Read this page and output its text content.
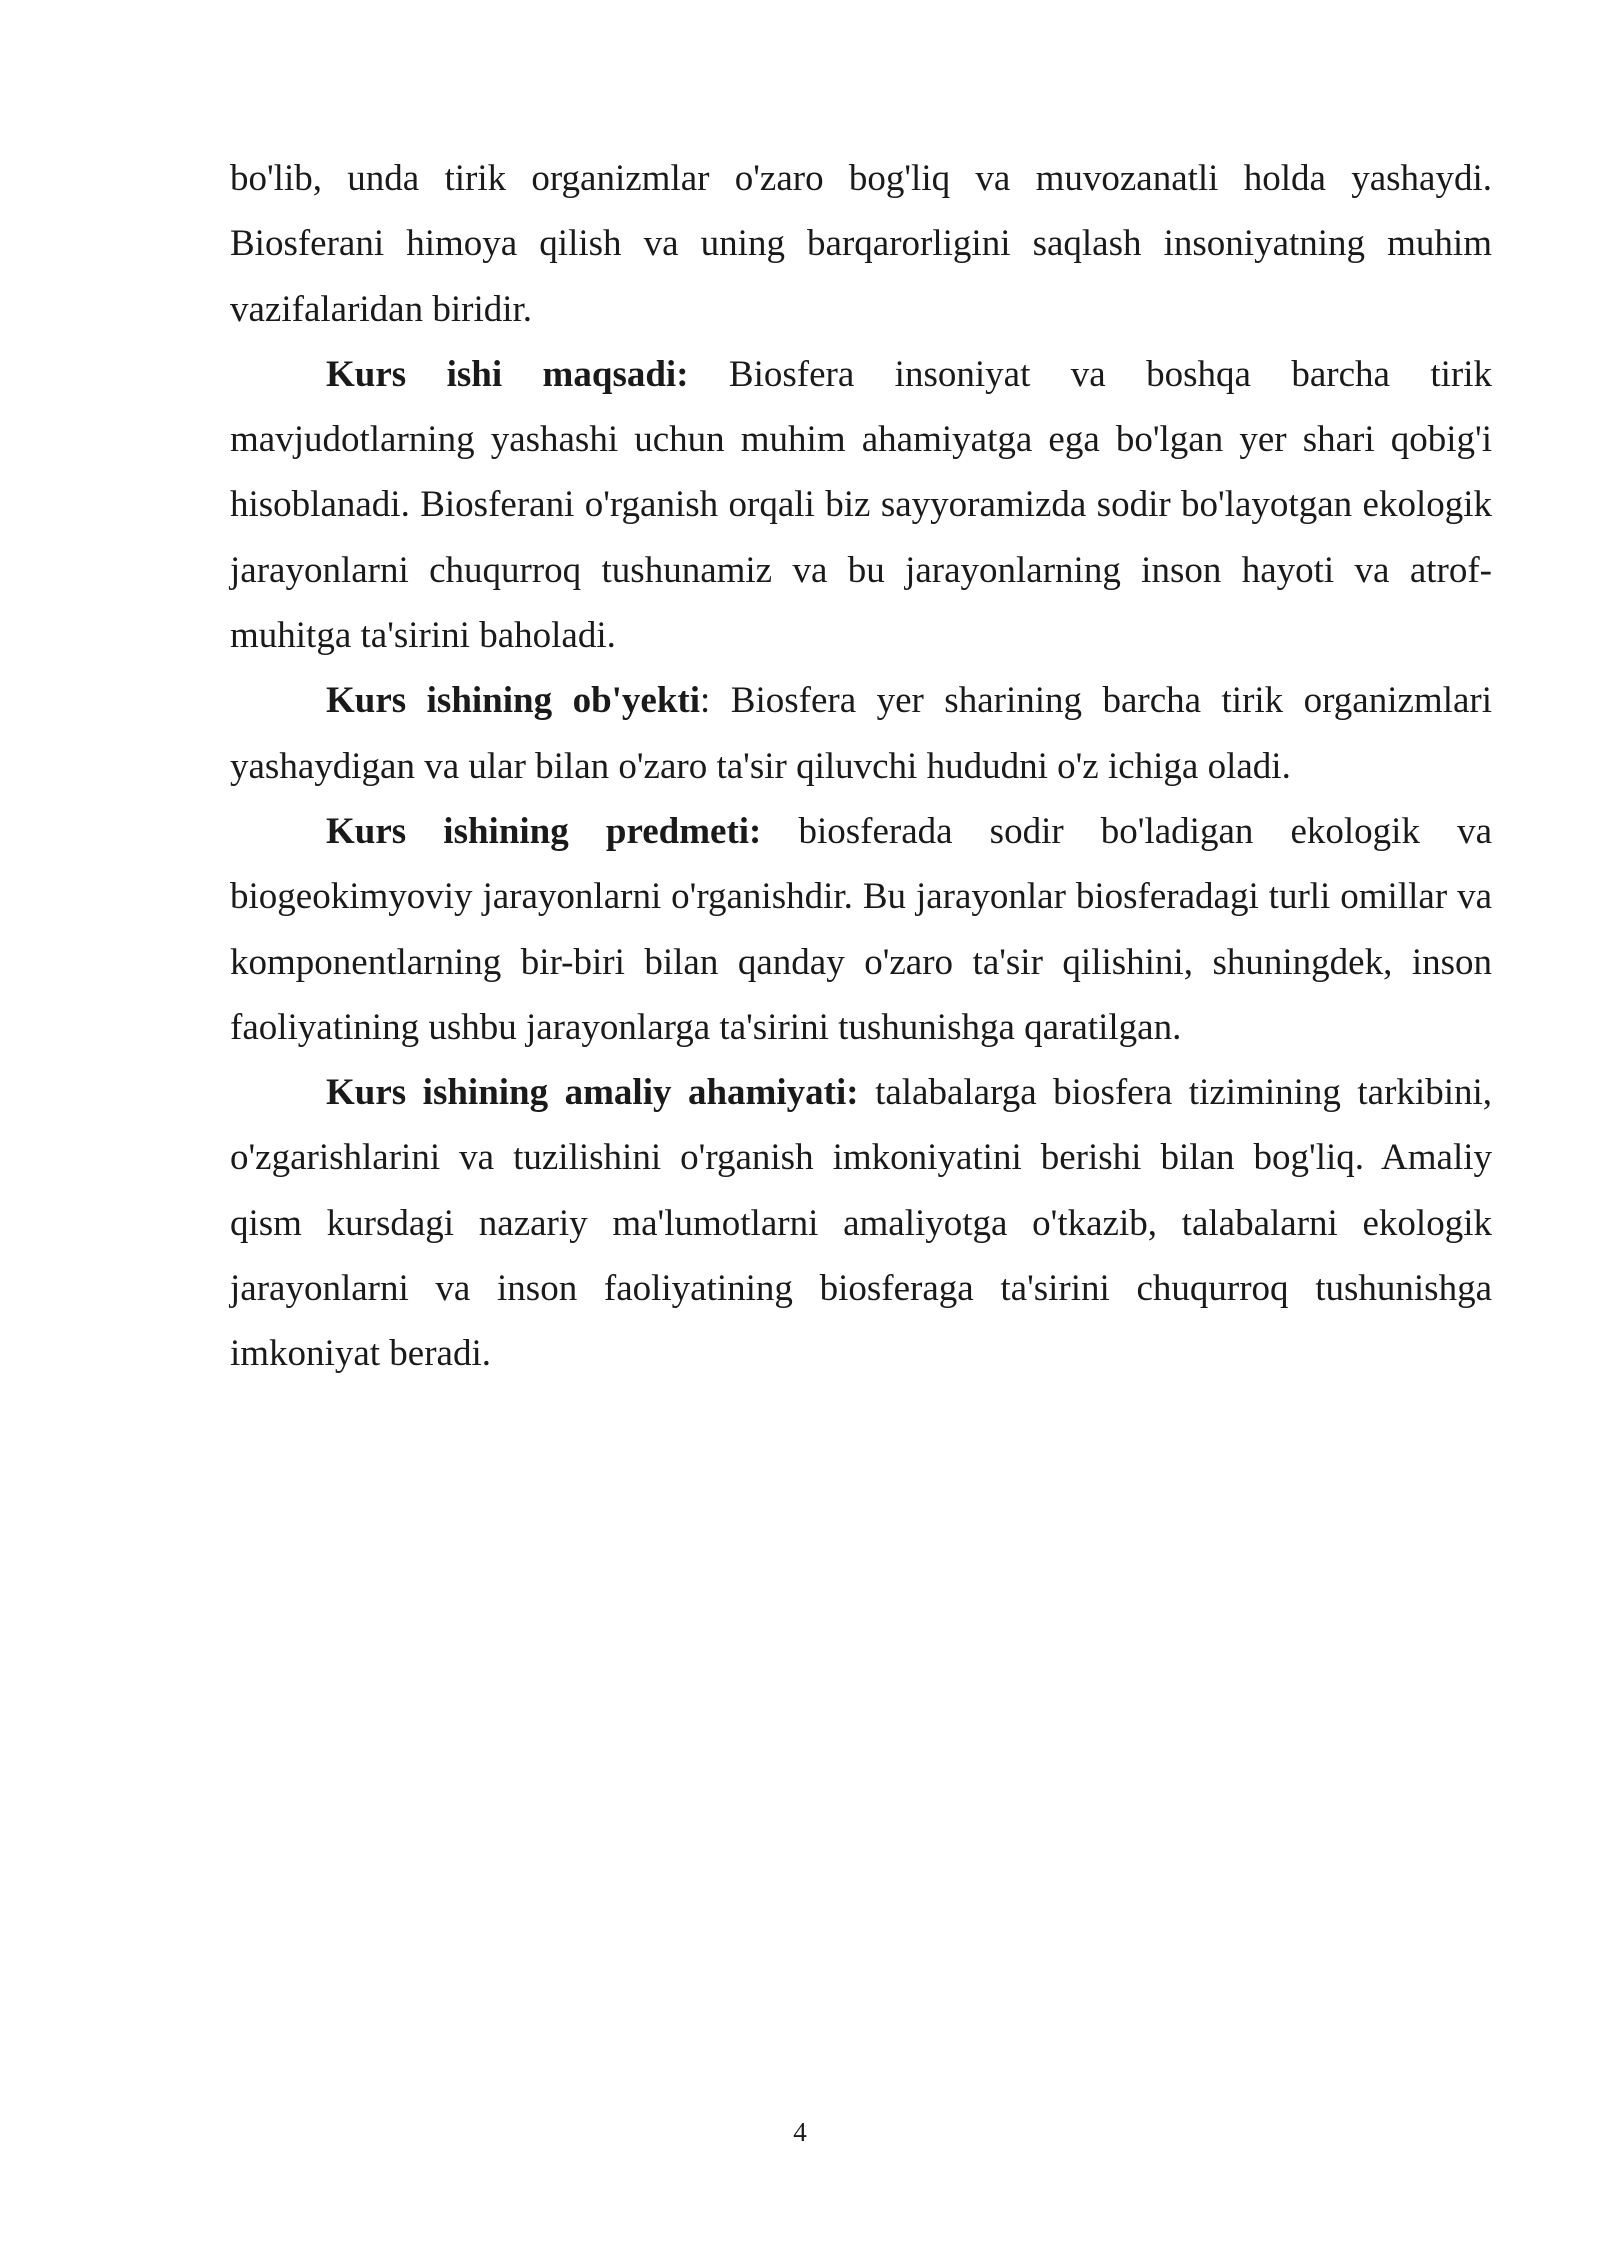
bo'lib, unda tirik organizmlar o'zaro bog'liq va muvozanatli holda yashaydi. Biosferani himoya qilish va uning barqarorligini saqlash insoniyatning muhim vazifalaridan biridir.

Kurs ishi maqsadi: Biosfera insoniyat va boshqa barcha tirik mavjudotlarning yashashi uchun muhim ahamiyatga ega bo'lgan yer shari qobig'i hisoblanadi. Biosferani o'rganish orqali biz sayyoramizda sodir bo'layotgan ekologik jarayonlarni chuqurroq tushunamiz va bu jarayonlarning inson hayoti va atrof-muhitga ta'sirini baholadi.

Kurs ishining ob'yekti: Biosfera yer sharining barcha tirik organizmlari yashaydigan va ular bilan o'zaro ta'sir qiluvchi hududni o'z ichiga oladi.

Kurs ishining predmeti: biosferada sodir bo'ladigan ekologik va biogeokimyoviy jarayonlarni o'rganishdir. Bu jarayonlar biosferadagi turli omillar va komponentlarning bir-biri bilan qanday o'zaro ta'sir qilishini, shuningdek, inson faoliyatining ushbu jarayonlarga ta'sirini tushunishga qaratilgan.

Kurs ishining amaliy ahamiyati: talabalarga biosfera tizimining tarkibini, o'zgarishlarini va tuzilishini o'rganish imkoniyatini berishi bilan bog'liq. Amaliy qism kursdagi nazariy ma'lumotlarni amaliyotga o'tkazib, talabalarni ekologik jarayonlarni va inson faoliyatining biosferaga ta'sirini chuqurroq tushunishga imkoniyat beradi.

4
